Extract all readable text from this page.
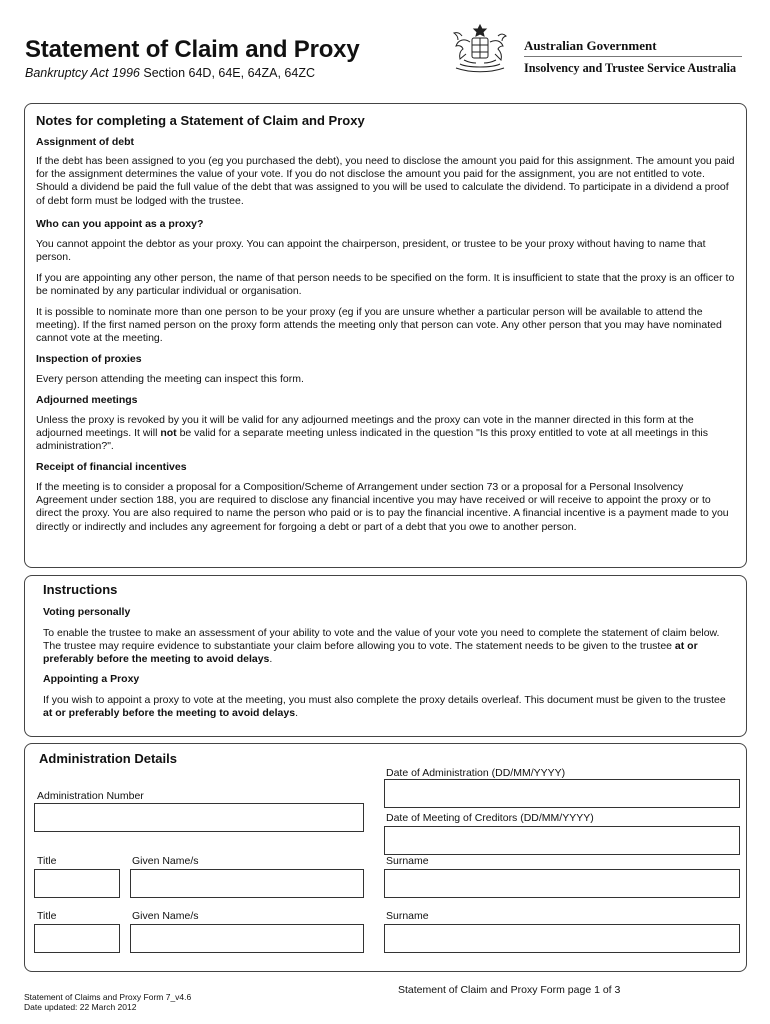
Statement of Claim and Proxy
Bankruptcy Act 1996 Section 64D, 64E, 64ZA, 64ZC
Australian Government
Insolvency and Trustee Service Australia
Notes for completing a Statement of Claim and Proxy
Assignment of debt
If the debt has been assigned to you (eg you purchased the debt), you need to disclose the amount you paid for this assignment. The amount you paid for the assignment determines the value of your vote. If you do not disclose the amount you paid for the assignment, you are not entitled to vote. Should a dividend be paid the full value of the debt that was assigned to you will be used to calculate the dividend. To participate in a dividend a proof of debt form must be lodged with the trustee.
Who can you appoint as a proxy?
You cannot appoint the debtor as your proxy. You can appoint the chairperson, president, or trustee to be your proxy without having to name that person.
If you are appointing any other person, the name of that person needs to be specified on the form. It is insufficient to state that the proxy is an officer to be nominated by any particular individual or organisation.
It is possible to nominate more than one person to be your proxy (eg if you are unsure whether a particular person will be available to attend the meeting). If the first named person on the proxy form attends the meeting only that person can vote. Any other person that you may have nominated cannot vote at the meeting.
Inspection of proxies
Every person attending the meeting can inspect this form.
Adjourned meetings
Unless the proxy is revoked by you it will be valid for any adjourned meetings and the proxy can vote in the manner directed in this form at the adjourned meetings. It will not be valid for a separate meeting unless indicated in the question "Is this proxy entitled to vote at all meetings in this administration?".
Receipt of financial incentives
If the meeting is to consider a proposal for a Composition/Scheme of Arrangement under section 73 or a proposal for a Personal Insolvency Agreement under section 188, you are required to disclose any financial incentive you may have received or will receive to appoint the proxy or to direct the proxy. You are also required to name the person who paid or is to pay the financial incentive. A financial incentive is a payment made to you directly or indirectly and includes any agreement for forgoing a debt or part of a debt that you owe to another person.
Instructions
Voting personally
To enable the trustee to make an assessment of your ability to vote and the value of your vote you need to complete the statement of claim below. The trustee may require evidence to substantiate your claim before allowing you to vote. The statement needs to be given to the trustee at or preferably before the meeting to avoid delays.
Appointing a Proxy
If you wish to appoint a proxy to vote at the meeting, you must also complete the proxy details overleaf. This document must be given to the trustee at or preferably before the meeting to avoid delays.
Administration Details
Date of Administration (DD/MM/YYYY)
Administration Number
Date of Meeting of Creditors (DD/MM/YYYY)
Title	Given Name/s	Surname
Title	Given Name/s	Surname
Statement of Claim and Proxy Form page 1 of 3
Statement of Claims and Proxy Form 7_v4.6
Date updated: 22 March 2012
